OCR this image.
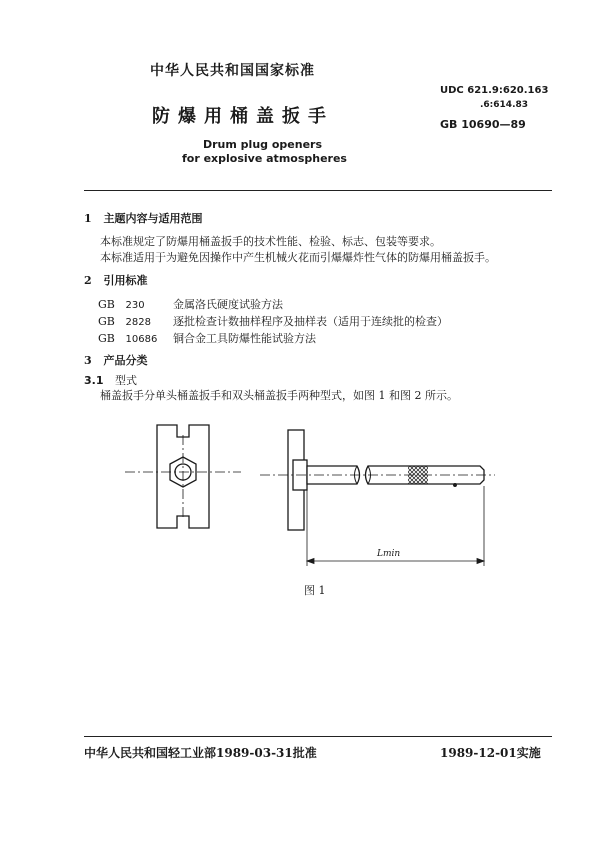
中华人民共和国国家标准
防爆用桶盖扳手
Drum plug openers
for explosive atmospheres
UDC 621.9:620.163
.6:614.83
GB 10690—89
1 主题内容与适用范围
本标准规定了防爆用桶盖扳手的技术性能、检验、标志、包装等要求。
本标准适用于为避免因操作中产生机械火花而引爆爆炸性气体的防爆用桶盖扳手。
2 引用标准
GB 230	金属洛氏硬度试验方法
GB 2828 逐批检查计数抽样程序及抽样表（适用于连续批的检查）
GB 10686 铜合金工具防爆性能试验方法
3 产品分类
3.1 型式
桶盖扳手分单头桶盖扳手和双头桶盖扳手两种型式，如图 1 和图 2 所示。
Lmin
图 1
中华人民共和国轻工业部1989-03-31批准	1989-12-01实施
